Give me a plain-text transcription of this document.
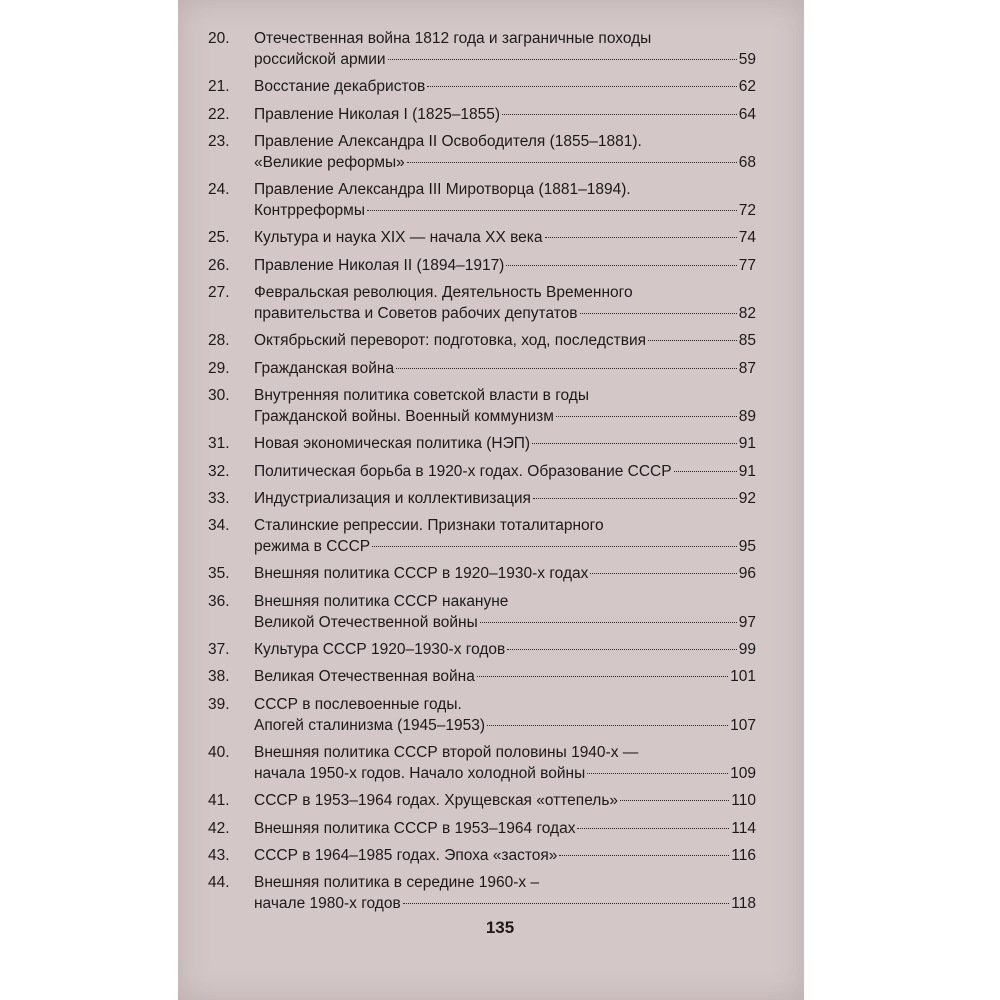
20. Отечественная война 1812 года и заграничные походы
российской армии	59
21. Восстание декабристов	62
22. Правление Николая I (1825–1855)	64
23. Правление Александра II Освободителя (1855–1881).
«Великие реформы»	68
24. Правление Александра III Миротворца (1881–1894).
Контрреформы	72
25. Культура и наука XIX — начала XX века	74
26. Правление Николая II (1894–1917)	77
27. Февральская революция. Деятельность Временного
правительства и Советов рабочих депутатов	82
28. Октябрьский переворот: подготовка, ход, последствия	85
29. Гражданская война	87
30. Внутренняя политика советской власти в годы
Гражданской войны. Военный коммунизм	89
31. Новая экономическая политика (НЭП)	91
32. Политическая борьба в 1920-х годах. Образование СССР	91
33. Индустриализация и коллективизация	92
34. Сталинские репрессии. Признаки тоталитарного
режима в СССР	95
35. Внешняя политика СССР в 1920–1930-х годах	96
36. Внешняя политика СССР накануне
Великой Отечественной войны	97
37. Культура СССР 1920–1930-х годов	99
38. Великая Отечественная война	101
39. СССР в послевоенные годы.
Апогей сталинизма (1945–1953)	107
40. Внешняя политика СССР второй половины 1940-х —
начала 1950-х годов. Начало холодной войны	109
41. СССР в 1953–1964 годах. Хрущевская «оттепель»	110
42. Внешняя политика СССР в 1953–1964 годах	114
43. СССР в 1964–1985 годах. Эпоха «застоя»	116
44. Внешняя политика в середине 1960-х –
начале 1980-х годов	118
135
